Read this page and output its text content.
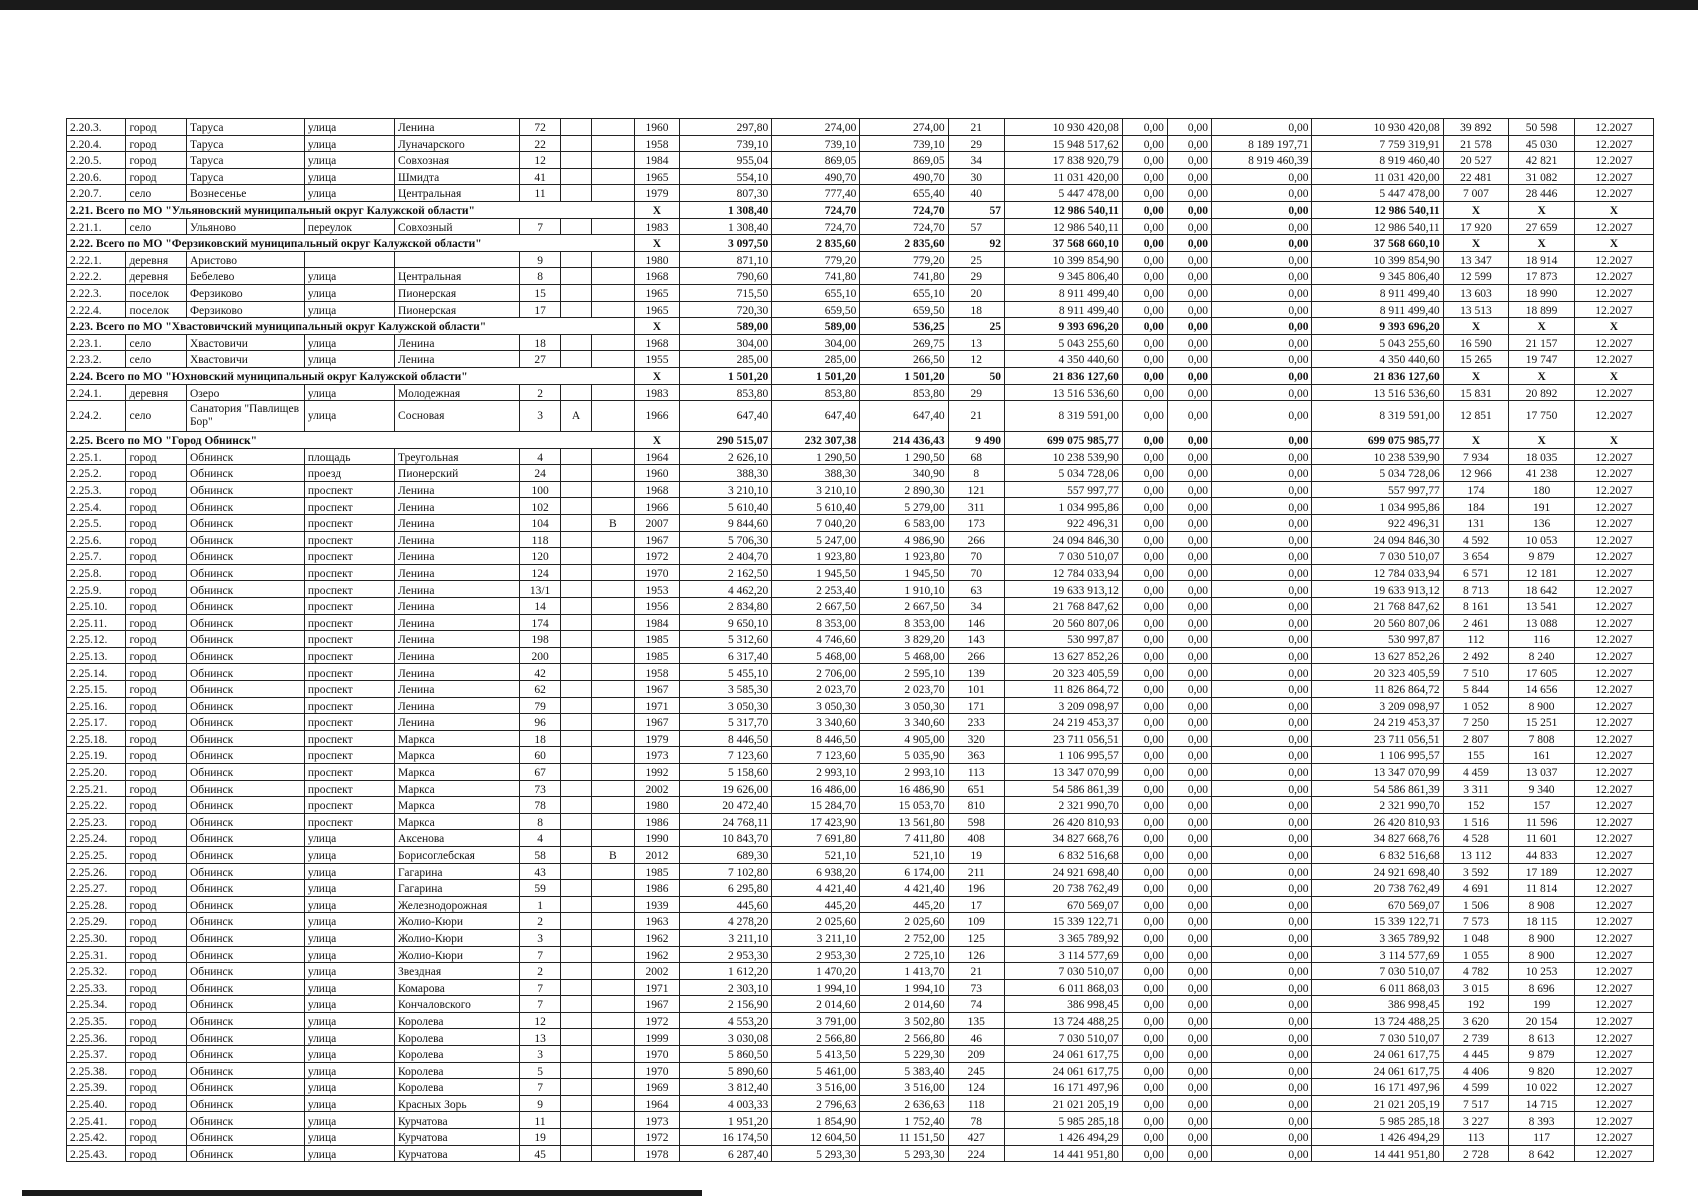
2.20.3.	город	Таруса	улица	Ленина	72			1960	297,80	274,00	274,00	21	10 930 420,08	0,00	0,00	0,00	10 930 420,08	39 892	50 598	12.2027
2.20.4.	город	Таруса	улица	Луначарского	22			1958	739,10	739,10	739,10	29	15 948 517,62	0,00	0,00	8 189 197,71	7 759 319,91	21 578	45 030	12.2027
2.20.5.	город	Таруса	улица	Совхозная	12			1984	955,04	869,05	869,05	34	17 838 920,79	0,00	0,00	8 919 460,39	8 919 460,40	20 527	42 821	12.2027
2.20.6.	город	Таруса	улица	Шмидта	41			1965	554,10	490,70	490,70	30	11 031 420,00	0,00	0,00	0,00	11 031 420,00	22 481	31 082	12.2027
2.20.7.	село	Вознесенье	улица	Центральная	11			1979	807,30	777,40	655,40	40	5 447 478,00	0,00	0,00	0,00	5 447 478,00	7 007	28 446	12.2027
2.21. Всего по МО "Ульяновский муниципальный округ Калужской области"								X	1 308,40	724,70	724,70	57	12 986 540,11	0,00	0,00	0,00	12 986 540,11	X	X	X
2.21.1.	село	Ульяново	переулок	Совхозный	7			1983	1 308,40	724,70	724,70	57	12 986 540,11	0,00	0,00	0,00	12 986 540,11	17 920	27 659	12.2027
2.22. Всего по МО "Ферзиковский муниципальный округ Калужской области"								X	3 097,50	2 835,60	2 835,60	92	37 568 660,10	0,00	0,00	0,00	37 568 660,10	X	X	X
2.22.1.	деревня	Аристово			9			1980	871,10	779,20	779,20	25	10 399 854,90	0,00	0,00	0,00	10 399 854,90	13 347	18 914	12.2027
2.22.2.	деревня	Бебелево	улица	Центральная	8			1968	790,60	741,80	741,80	29	9 345 806,40	0,00	0,00	0,00	9 345 806,40	12 599	17 873	12.2027
2.22.3.	поселок	Ферзиково	улица	Пионерская	15			1965	715,50	655,10	655,10	20	8 911 499,40	0,00	0,00	0,00	8 911 499,40	13 603	18 990	12.2027
2.22.4.	поселок	Ферзиково	улица	Пионерская	17			1965	720,30	659,50	659,50	18	8 911 499,40	0,00	0,00	0,00	8 911 499,40	13 513	18 899	12.2027
2.23. Всего по МО "Хвастовичский муниципальный округ Калужской области"								X	589,00	589,00	536,25	25	9 393 696,20	0,00	0,00	0,00	9 393 696,20	X	X	X
2.23.1.	село	Хвастовичи	улица	Ленина	18			1968	304,00	304,00	269,75	13	5 043 255,60	0,00	0,00	0,00	5 043 255,60	16 590	21 157	12.2027
2.23.2.	село	Хвастовичи	улица	Ленина	27			1955	285,00	285,00	266,50	12	4 350 440,60	0,00	0,00	0,00	4 350 440,60	15 265	19 747	12.2027
2.24. Всего по МО "Юхновский муниципальный округ Калужской области"								X	1 501,20	1 501,20	1 501,20	50	21 836 127,60	0,00	0,00	0,00	21 836 127,60	X	X	X
2.24.1.	деревня	Озеро	улица	Молодежная	2			1983	853,80	853,80	853,80	29	13 516 536,60	0,00	0,00	0,00	13 516 536,60	15 831	20 892	12.2027
2.24.2.	село	Санатория "Павлищев Бор"	улица	Сосновая	3	А		1966	647,40	647,40	647,40	21	8 319 591,00	0,00	0,00	0,00	8 319 591,00	12 851	17 750	12.2027
2.25. Всего по МО "Город Обнинск"								X	290 515,07	232 307,38	214 436,43	9 490	699 075 985,77	0,00	0,00	0,00	699 075 985,77	X	X	X
2.25.1.	город	Обнинск	площадь	Треугольная	4			1964	2 626,10	1 290,50	1 290,50	68	10 238 539,90	0,00	0,00	0,00	10 238 539,90	7 934	18 035	12.2027
2.25.2.	город	Обнинск	проезд	Пионерский	24			1960	388,30	388,30	340,90	8	5 034 728,06	0,00	0,00	0,00	5 034 728,06	12 966	41 238	12.2027
2.25.3.	город	Обнинск	проспект	Ленина	100			1968	3 210,10	3 210,10	2 890,30	121	557 997,77	0,00	0,00	0,00	557 997,77	174	180	12.2027
2.25.4.	город	Обнинск	проспект	Ленина	102			1966	5 610,40	5 610,40	5 279,00	311	1 034 995,86	0,00	0,00	0,00	1 034 995,86	184	191	12.2027
2.25.5.	город	Обнинск	проспект	Ленина	104		В	2007	9 844,60	7 040,20	6 583,00	173	922 496,31	0,00	0,00	0,00	922 496,31	131	136	12.2027
2.25.6.	город	Обнинск	проспект	Ленина	118			1967	5 706,30	5 247,00	4 986,90	266	24 094 846,30	0,00	0,00	0,00	24 094 846,30	4 592	10 053	12.2027
2.25.7.	город	Обнинск	проспект	Ленина	120			1972	2 404,70	1 923,80	1 923,80	70	7 030 510,07	0,00	0,00	0,00	7 030 510,07	3 654	9 879	12.2027
2.25.8.	город	Обнинск	проспект	Ленина	124			1970	2 162,50	1 945,50	1 945,50	70	12 784 033,94	0,00	0,00	0,00	12 784 033,94	6 571	12 181	12.2027
2.25.9.	город	Обнинск	проспект	Ленина	13/1			1953	4 462,20	2 253,40	1 910,10	63	19 633 913,12	0,00	0,00	0,00	19 633 913,12	8 713	18 642	12.2027
2.25.10.	город	Обнинск	проспект	Ленина	14			1956	2 834,80	2 667,50	2 667,50	34	21 768 847,62	0,00	0,00	0,00	21 768 847,62	8 161	13 541	12.2027
2.25.11.	город	Обнинск	проспект	Ленина	174			1984	9 650,10	8 353,00	8 353,00	146	20 560 807,06	0,00	0,00	0,00	20 560 807,06	2 461	13 088	12.2027
2.25.12.	город	Обнинск	проспект	Ленина	198			1985	5 312,60	4 746,60	3 829,20	143	530 997,87	0,00	0,00	0,00	530 997,87	112	116	12.2027
2.25.13.	город	Обнинск	проспект	Ленина	200			1985	6 317,40	5 468,00	5 468,00	266	13 627 852,26	0,00	0,00	0,00	13 627 852,26	2 492	8 240	12.2027
2.25.14.	город	Обнинск	проспект	Ленина	42			1958	5 455,10	2 706,00	2 595,10	139	20 323 405,59	0,00	0,00	0,00	20 323 405,59	7 510	17 605	12.2027
2.25.15.	город	Обнинск	проспект	Ленина	62			1967	3 585,30	2 023,70	2 023,70	101	11 826 864,72	0,00	0,00	0,00	11 826 864,72	5 844	14 656	12.2027
2.25.16.	город	Обнинск	проспект	Ленина	79			1971	3 050,30	3 050,30	3 050,30	171	3 209 098,97	0,00	0,00	0,00	3 209 098,97	1 052	8 900	12.2027
2.25.17.	город	Обнинск	проспект	Ленина	96			1967	5 317,70	3 340,60	3 340,60	233	24 219 453,37	0,00	0,00	0,00	24 219 453,37	7 250	15 251	12.2027
2.25.18.	город	Обнинск	проспект	Маркса	18			1979	8 446,50	8 446,50	4 905,00	320	23 711 056,51	0,00	0,00	0,00	23 711 056,51	2 807	7 808	12.2027
2.25.19.	город	Обнинск	проспект	Маркса	60			1973	7 123,60	7 123,60	5 035,90	363	1 106 995,57	0,00	0,00	0,00	1 106 995,57	155	161	12.2027
2.25.20.	город	Обнинск	проспект	Маркса	67			1992	5 158,60	2 993,10	2 993,10	113	13 347 070,99	0,00	0,00	0,00	13 347 070,99	4 459	13 037	12.2027
2.25.21.	город	Обнинск	проспект	Маркса	73			2002	19 626,00	16 486,00	16 486,90	651	54 586 861,39	0,00	0,00	0,00	54 586 861,39	3 311	9 340	12.2027
2.25.22.	город	Обнинск	проспект	Маркса	78			1980	20 472,40	15 284,70	15 053,70	810	2 321 990,70	0,00	0,00	0,00	2 321 990,70	152	157	12.2027
2.25.23.	город	Обнинск	проспект	Маркса	8			1986	24 768,11	17 423,90	13 561,80	598	26 420 810,93	0,00	0,00	0,00	26 420 810,93	1 516	11 596	12.2027
2.25.24.	город	Обнинск	улица	Аксенова	4			1990	10 843,70	7 691,80	7 411,80	408	34 827 668,76	0,00	0,00	0,00	34 827 668,76	4 528	11 601	12.2027
2.25.25.	город	Обнинск	улица	Борисоглебская	58		В	2012	689,30	521,10	521,10	19	6 832 516,68	0,00	0,00	0,00	6 832 516,68	13 112	44 833	12.2027
2.25.26.	город	Обнинск	улица	Гагарина	43			1985	7 102,80	6 938,20	6 174,00	211	24 921 698,40	0,00	0,00	0,00	24 921 698,40	3 592	17 189	12.2027
2.25.27.	город	Обнинск	улица	Гагарина	59			1986	6 295,80	4 421,40	4 421,40	196	20 738 762,49	0,00	0,00	0,00	20 738 762,49	4 691	11 814	12.2027
2.25.28.	город	Обнинск	улица	Железнодорожная	1			1939	445,60	445,20	445,20	17	670 569,07	0,00	0,00	0,00	670 569,07	1 506	8 908	12.2027
2.25.29.	город	Обнинск	улица	Жолио-Кюри	2			1963	4 278,20	2 025,60	2 025,60	109	15 339 122,71	0,00	0,00	0,00	15 339 122,71	7 573	18 115	12.2027
2.25.30.	город	Обнинск	улица	Жолио-Кюри	3			1962	3 211,10	3 211,10	2 752,00	125	3 365 789,92	0,00	0,00	0,00	3 365 789,92	1 048	8 900	12.2027
2.25.31.	город	Обнинск	улица	Жолио-Кюри	7			1962	2 953,30	2 953,30	2 725,10	126	3 114 577,69	0,00	0,00	0,00	3 114 577,69	1 055	8 900	12.2027
2.25.32.	город	Обнинск	улица	Звездная	2			2002	1 612,20	1 470,20	1 413,70	21	7 030 510,07	0,00	0,00	0,00	7 030 510,07	4 782	10 253	12.2027
2.25.33.	город	Обнинск	улица	Комарова	7			1971	2 303,10	1 994,10	1 994,10	73	6 011 868,03	0,00	0,00	0,00	6 011 868,03	3 015	8 696	12.2027
2.25.34.	город	Обнинск	улица	Кончаловского	7			1967	2 156,90	2 014,60	2 014,60	74	386 998,45	0,00	0,00	0,00	386 998,45	192	199	12.2027
2.25.35.	город	Обнинск	улица	Королева	12			1972	4 553,20	3 791,00	3 502,80	135	13 724 488,25	0,00	0,00	0,00	13 724 488,25	3 620	20 154	12.2027
2.25.36.	город	Обнинск	улица	Королева	13			1999	3 030,08	2 566,80	2 566,80	46	7 030 510,07	0,00	0,00	0,00	7 030 510,07	2 739	8 613	12.2027
2.25.37.	город	Обнинск	улица	Королева	3			1970	5 860,50	5 413,50	5 229,30	209	24 061 617,75	0,00	0,00	0,00	24 061 617,75	4 445	9 879	12.2027
2.25.38.	город	Обнинск	улица	Королева	5			1970	5 890,60	5 461,00	5 383,40	245	24 061 617,75	0,00	0,00	0,00	24 061 617,75	4 406	9 820	12.2027
2.25.39.	город	Обнинск	улица	Королева	7			1969	3 812,40	3 516,00	3 516,00	124	16 171 497,96	0,00	0,00	0,00	16 171 497,96	4 599	10 022	12.2027
2.25.40.	город	Обнинск	улица	Красных Зорь	9			1964	4 003,33	2 796,63	2 636,63	118	21 021 205,19	0,00	0,00	0,00	21 021 205,19	7 517	14 715	12.2027
2.25.41.	город	Обнинск	улица	Курчатова	11			1973	1 951,20	1 854,90	1 752,40	78	5 985 285,18	0,00	0,00	0,00	5 985 285,18	3 227	8 393	12.2027
2.25.42.	город	Обнинск	улица	Курчатова	19			1972	16 174,50	12 604,50	11 151,50	427	1 426 494,29	0,00	0,00	0,00	1 426 494,29	113	117	12.2027
2.25.43.	город	Обнинск	улица	Курчатова	45			1978	6 287,40	5 293,30	5 293,30	224	14 441 951,80	0,00	0,00	0,00	14 441 951,80	2 728	8 642	12.2027
